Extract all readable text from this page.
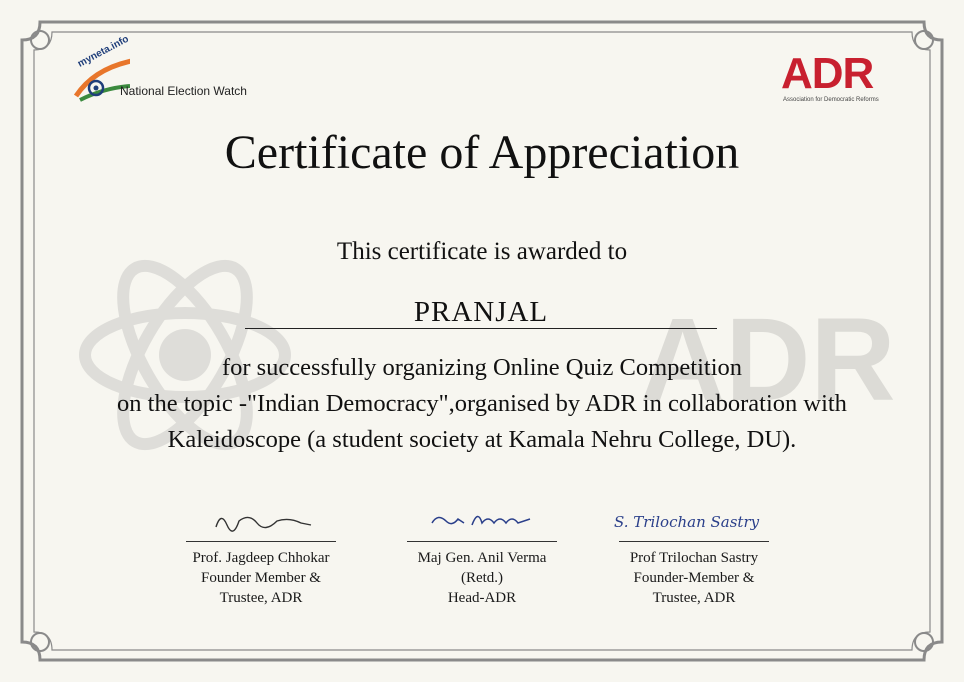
ADR
myneta.info
National Election Watch	ADR
Association for Democratic Reforms
Certificate of Appreciation
This certificate is awarded to
PRANJAL
for successfully organizing Online Quiz Competition
on the topic -"Indian Democracy",organised by ADR in collaboration with
Kaleidoscope (a student society at Kamala Nehru College, DU).
Prof. Jagdeep Chhokar
Founder Member &
Trustee, ADR
Maj Gen. Anil Verma
(Retd.)
Head-ADR
S. Trilochan Sastry
Prof Trilochan Sastry
Founder-Member &
Trustee, ADR
